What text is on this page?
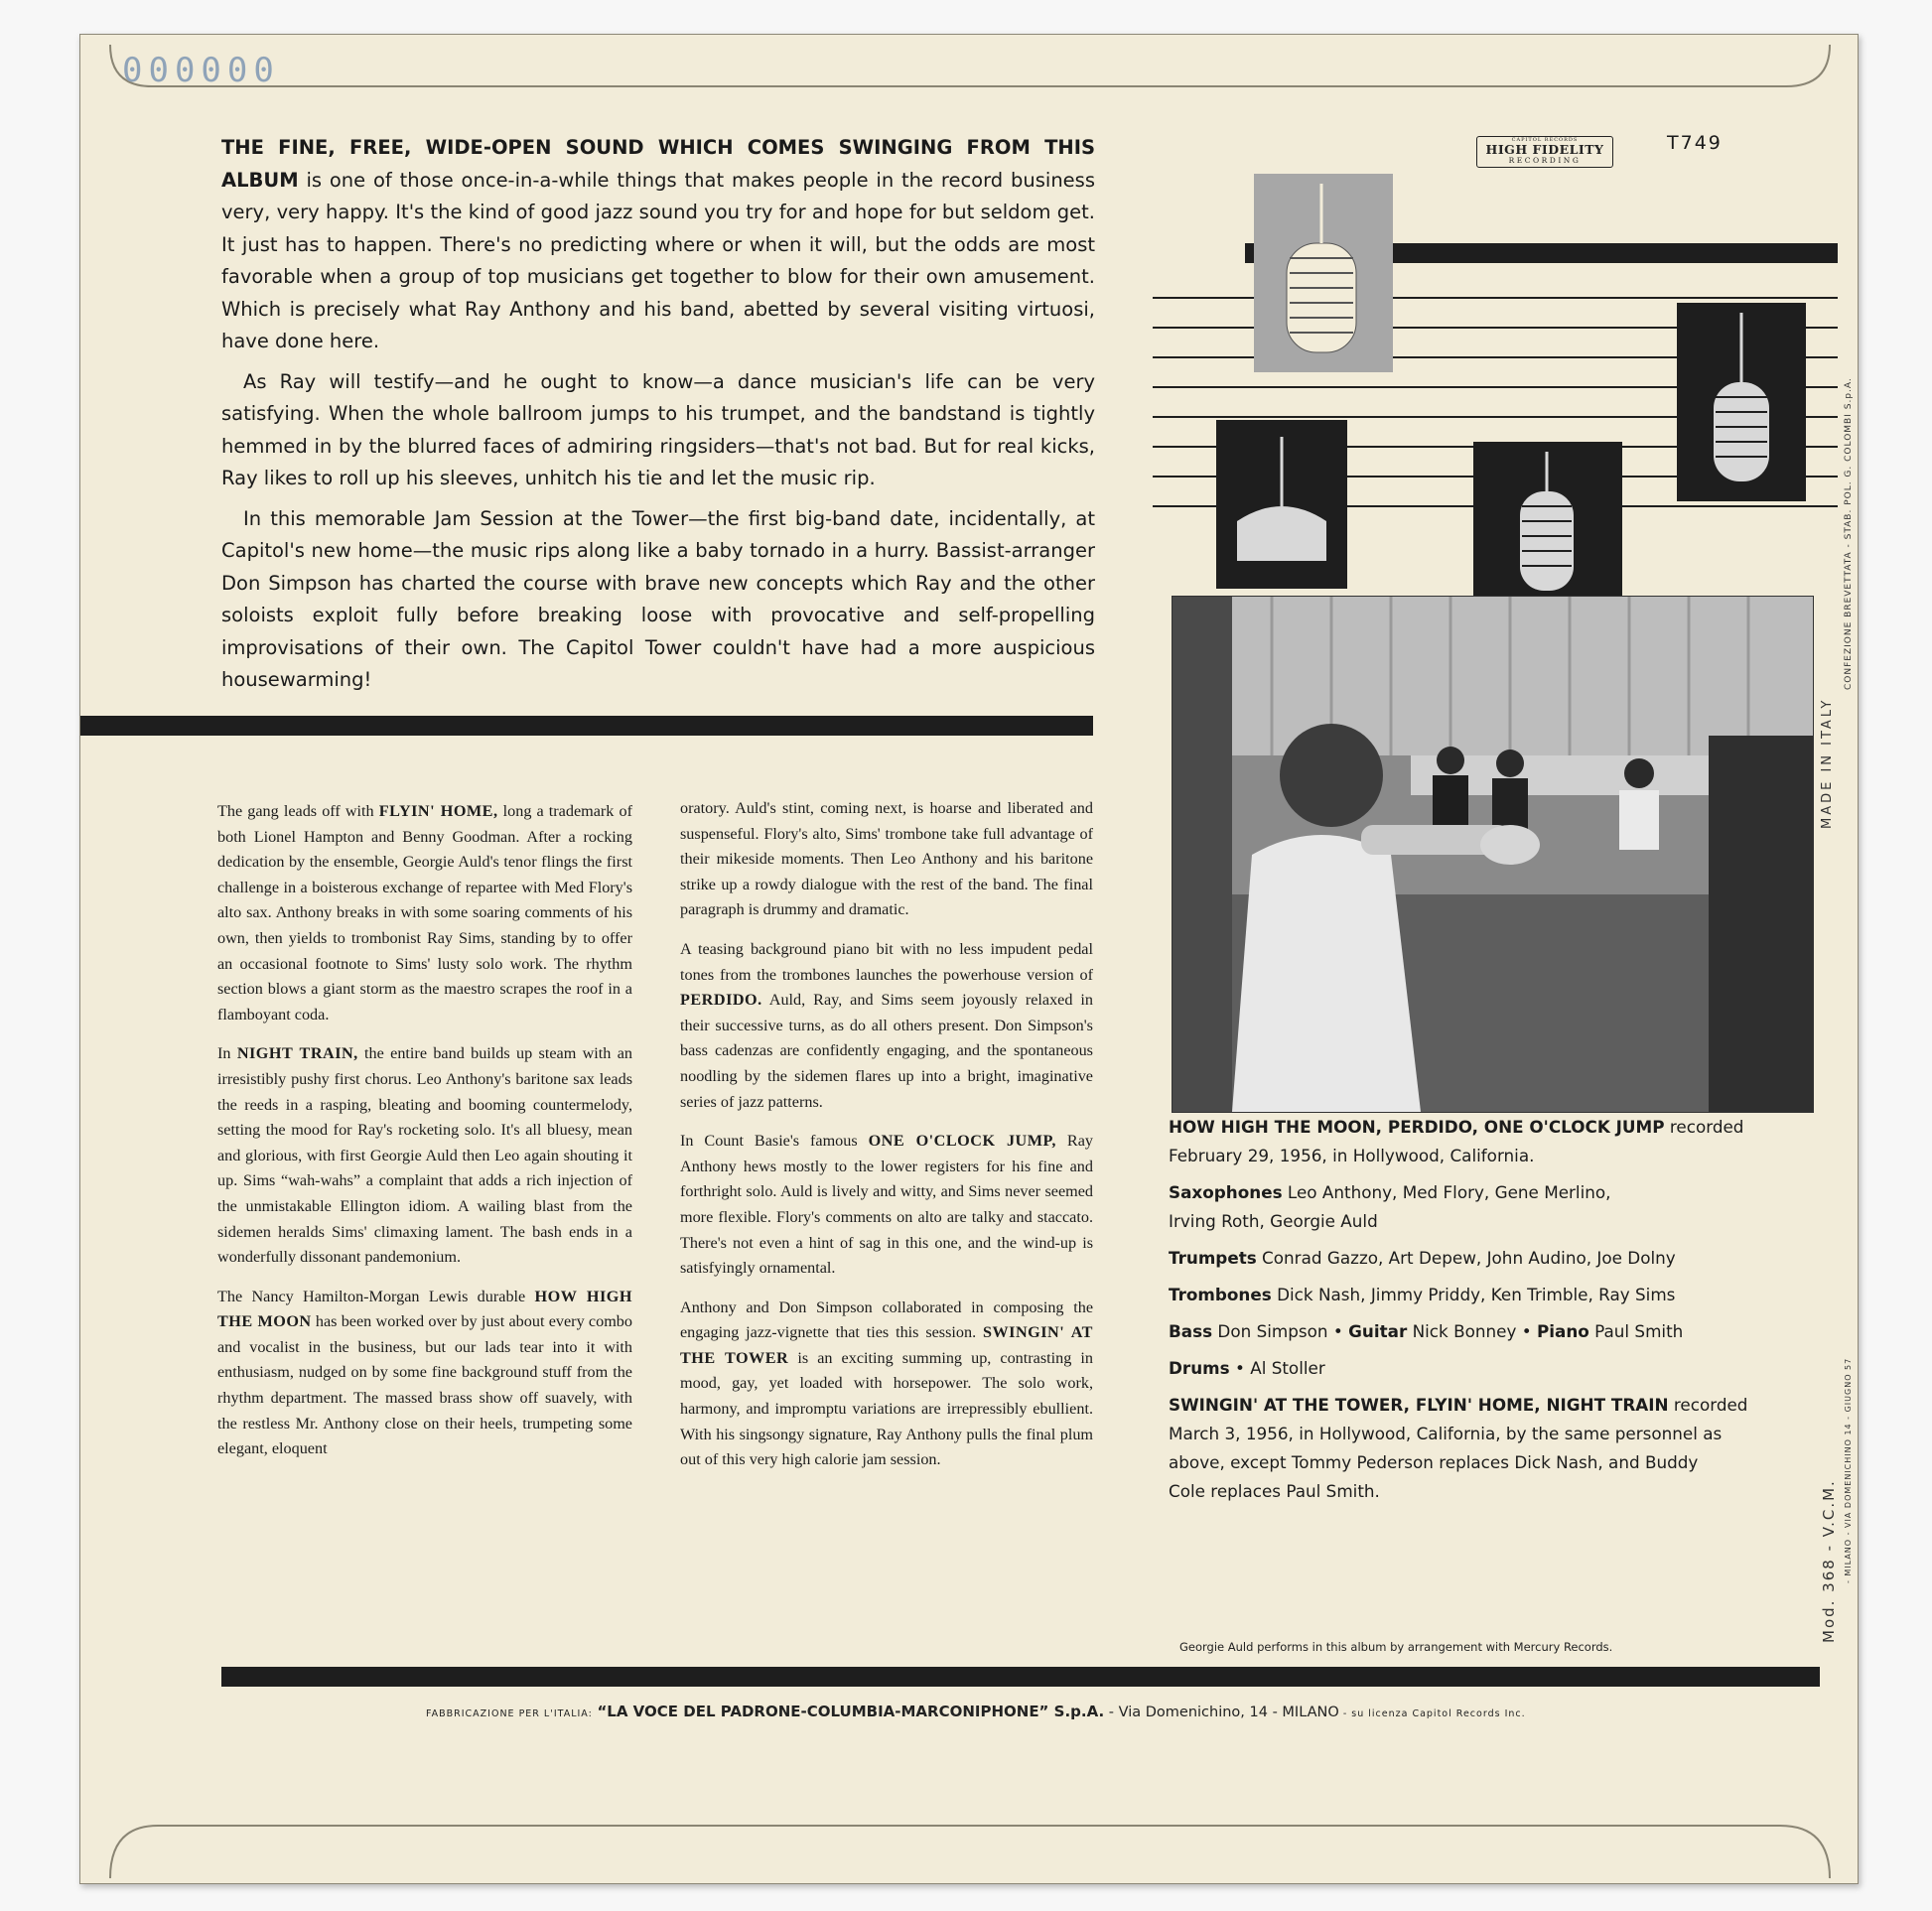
000000

THE FINE, FREE, WIDE-OPEN SOUND WHICH COMES SWINGING FROM THIS ALBUM is one of those once-in-a-while things that makes people in the record business very, very happy. It's the kind of good jazz sound you try for and hope for but seldom get. It just has to happen. There's no predicting where or when it will, but the odds are most favorable when a group of top musicians get together to blow for their own amusement. Which is precisely what Ray Anthony and his band, abetted by several visiting virtuosi, have done here.

As Ray will testify—and he ought to know—a dance musician's life can be very satisfying. When the whole ballroom jumps to his trumpet, and the bandstand is tightly hemmed in by the blurred faces of admiring ringsiders—that's not bad. But for real kicks, Ray likes to roll up his sleeves, unhitch his tie and let the music rip.

In this memorable Jam Session at the Tower—the first big-band date, incidentally, at Capitol's new home—the music rips along like a baby tornado in a hurry. Bassist-arranger Don Simpson has charted the course with brave new concepts which Ray and the other soloists exploit fully before breaking loose with provocative and self-propelling improvisations of their own. The Capitol Tower couldn't have had a more auspicious housewarming!

CAPITOL RECORDS
HIGH FIDELITY
RECORDING
T749

The gang leads off with FLYIN' HOME, long a trademark of both Lionel Hampton and Benny Goodman. After a rocking dedication by the ensemble, Georgie Auld's tenor flings the first challenge in a boisterous exchange of repartee with Med Flory's alto sax. Anthony breaks in with some soaring comments of his own, then yields to trombonist Ray Sims, standing by to offer an occasional footnote to Sims' lusty solo work. The rhythm section blows a giant storm as the maestro scrapes the roof in a flamboyant coda.

In NIGHT TRAIN, the entire band builds up steam with an irresistibly pushy first chorus. Leo Anthony's baritone sax leads the reeds in a rasping, bleating and booming countermelody, setting the mood for Ray's rocketing solo. It's all bluesy, mean and glorious, with first Georgie Auld then Leo again shouting it up. Sims “wah-wahs” a complaint that adds a rich injection of the unmistakable Ellington idiom. A wailing blast from the sidemen heralds Sims' climaxing lament. The bash ends in a wonderfully dissonant pandemonium.

The Nancy Hamilton-Morgan Lewis durable HOW HIGH THE MOON has been worked over by just about every combo and vocalist in the business, but our lads tear into it with enthusiasm, nudged on by some fine background stuff from the rhythm department. The massed brass show off suavely, with the restless Mr. Anthony close on their heels, trumpeting some elegant, eloquent

oratory. Auld's stint, coming next, is hoarse and liberated and suspenseful. Flory's alto, Sims' trombone take full advantage of their mikeside moments. Then Leo Anthony and his baritone strike up a rowdy dialogue with the rest of the band. The final paragraph is drummy and dramatic.

A teasing background piano bit with no less impudent pedal tones from the trombones launches the powerhouse version of PERDIDO. Auld, Ray, and Sims seem joyously relaxed in their successive turns, as do all others present. Don Simpson's bass cadenzas are confidently engaging, and the spontaneous noodling by the sidemen flares up into a bright, imaginative series of jazz patterns.

In Count Basie's famous ONE O'CLOCK JUMP, Ray Anthony hews mostly to the lower registers for his fine and forthright solo. Auld is lively and witty, and Sims never seemed more flexible. Flory's comments on alto are talky and staccato. There's not even a hint of sag in this one, and the wind-up is satisfyingly ornamental.

Anthony and Don Simpson collaborated in composing the engaging jazz-vignette that ties this session. SWINGIN' AT THE TOWER is an exciting summing up, contrasting in mood, gay, yet loaded with horsepower. The solo work, harmony, and impromptu variations are irrepressibly ebullient. With his singsongy signature, Ray Anthony pulls the final plum out of this very high calorie jam session.

HOW HIGH THE MOON, PERDIDO, ONE O'CLOCK JUMP recorded
February 29, 1956, in Hollywood, California.
Saxophones Leo Anthony, Med Flory, Gene Merlino,
Irving Roth, Georgie Auld
Trumpets Conrad Gazzo, Art Depew, John Audino, Joe Dolny
Trombones Dick Nash, Jimmy Priddy, Ken Trimble, Ray Sims
Bass Don Simpson • Guitar Nick Bonney • Piano Paul Smith
Drums • Al Stoller
SWINGIN' AT THE TOWER, FLYIN' HOME, NIGHT TRAIN recorded
March 3, 1956, in Hollywood, California, by the same personnel as
above, except Tommy Pederson replaces Dick Nash, and Buddy
Cole replaces Paul Smith.
Georgie Auld performs in this album by arrangement with Mercury Records.
FABBRICAZIONE PER L'ITALIA: “LA VOCE DEL PADRONE-COLUMBIA-MARCONIPHONE” S.p.A. - Via Domenichino, 14 - MILANO - su licenza Capitol Records Inc.
MADE IN ITALY
CONFEZIONE BREVETTATA - STAB. POL. G. COLOMBI S.p.A.
Mod. 368 - V.C.M. - MILANO - VIA DOMENICHINO 14 - GIUGNO 57
